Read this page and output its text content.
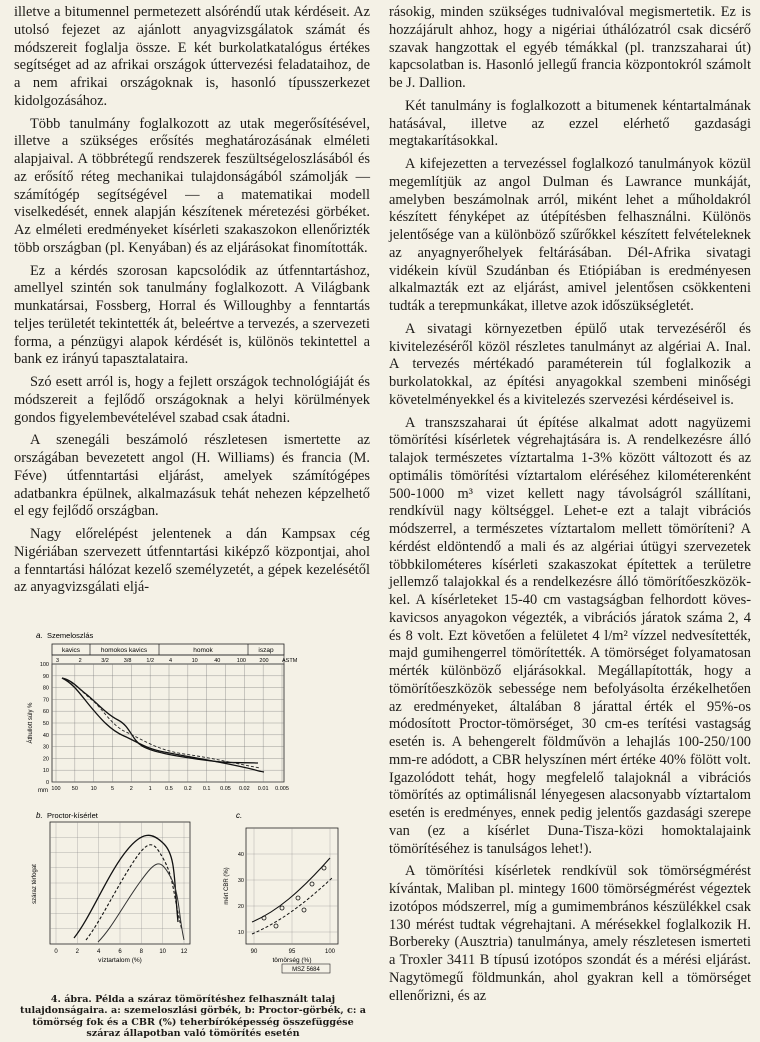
illetve a bitumennel permetezett alsóréndű utak kérdéseit. Az utolsó fejezet az ajánlott anyagvizsgálatok számát és módszereit foglalja össze. E két burkolatkatalógus értékes segítséget ad az afrikai országok úttervezési feladataihoz, de a nem afrikai országoknak is, hasonló típusszerkezet kidolgozásához.

Több tanulmány foglalkozott az utak megerősítésével, illetve a szükséges erősítés meghatározásának elméleti alapjaival. A többrétegű rendszerek feszültségeloszlásából és az erősítő réteg mechanikai tulajdonságából számolják — számítógép segítségével — a matematikai modell viselkedését, ennek alapján készítenek méretezési görbéket. Az elméleti eredményeket kísérleti szakaszokon ellenőrizték több országban (pl. Kenyában) és az eljárásokat finomították.

Ez a kérdés szorosan kapcsolódik az útfenntartáshoz, amellyel szintén sok tanulmány foglalkozott. A Világbank munkatársai, Fossberg, Horral és Willoughby a fenntartás teljes területét tekintették át, beleértve a tervezés, a szervezeti forma, a pénzügyi alapok kérdését is, különös tekintettel a bank ez irányú tapasztalataira.

Szó esett arról is, hogy a fejlett országok technológiáját és módszereit a fejlődő országoknak a helyi körülmények gondos figyelembevételével szabad csak átadni.

A szenegáli beszámoló részletesen ismertette az országában bevezetett angol (H. Williams) és francia (M. Féve) útfenntartási eljárást, amelyek számítógépes adatbankra épülnek, alkalmazásuk tehát nehezen képzelhető el egy fejlődő országban.

Nagy előrelépést jelentenek a dán Kampsax cég Nigériában szervezett útfenntartási kiképző központjai, ahol a fenntartási hálózat kezelő személyzetét, a gépek kezelésétől az anyagvizsgálati eljá-

rásokig, minden szükséges tudnivalóval megismertetik. Ez is hozzájárult ahhoz, hogy a nigériai úthálózatról csak dicsérő szavak hangzottak el egyéb témákkal (pl. tranzszaharai út) kapcsolatban is. Hasonló jellegű francia központokról számolt be J. Dallion.

Két tanulmány is foglalkozott a bitumenek kéntartalmának hatásával, illetve az ezzel elérhető gazdasági megtakarításokkal.

A kifejezetten a tervezéssel foglalkozó tanulmányok közül megemlítjük az angol Dulman és Lawrance munkáját, amelyben beszámolnak arról, miként lehet a műholdakról készített fényképet az útépítésben felhasználni. Különös jelentősége van a különböző szűrőkkel készített felvételeknek az anyagnyerőhelyek feltárásában. Dél-Afrika sivatagi vidékein kívül Szudánban és Etiópiában is eredményesen alkalmazták ezt az eljárást, amivel jelentősen csökkenteni tudták a terepmunkákat, illetve azok időszükségletét.

A sivatagi környezetben épülő utak tervezéséről és kivitelezéséről közöl részletes tanulmányt az algériai A. Inal. A tervezés mértékadó paraméterein túl foglalkozik a burkolatokkal, az építési anyagokkal szembeni minőségi követelményekkel és a kivitelezés szervezési kérdéseivel is.

A transzszaharai út építése alkalmat adott nagyüzemi tömörítési kísérletek végrehajtására is. A rendelkezésre álló talajok természetes víztartalma 1-3% között változott és az optimális tömörítési víztartalom eléréséhez kilométerenként 500-1000 m³ vizet kellett nagy távolságról szállítani, rendkívül nagy költséggel. Lehet-e ezt a talajt vibrációs módszerrel, a természetes víztartalom mellett tömöríteni? A kérdést eldöntendő a mali és az algériai útügyi szervezetek többkilométeres kísérleti szakaszokat építettek a területre jellemző talajokkal és a rendelkezésre álló tömörítőeszközökkel. A kísérleteket 15-40 cm vastagságban felhordott köves-kavicsos anyagokon végezték, a vibrációs járatok száma 2, 4 és 8 volt. Ezt követően a felületet 4 l/m² vízzel nedvesítették, majd gumihengerrel tömörítették. A tömörséget folyamatosan mérték különböző eljárásokkal. Megállapították, hogy a tömörítőeszközök sebessége nem befolyásolta érzékelhetően az eredményeket, általában 8 járattal érték el 95%-os módosított Proctor-tömörséget, 30 cm-es terítési vastagság esetén is. A behengerelt földművön a lehajlás 100-250/100 mm-re adódott, a CBR helyszínen mért értéke 40% fölött volt. Igazolódott tehát, hogy megfelelő talajoknál a vibrációs tömörítés az optimálisnál lényegesen alacsonyabb víztartalom esetén is eredményes, ennek pedig jelentős gazdasági szerepe van (ez a kísérlet Duna-Tisza-közi homoktalajaink tömörítéséhez is tanulságos lehet!).

A tömörítési kísérletek rendkívül sok tömörségmérést kívántak, Maliban pl. mintegy 1600 tömörségmérést végeztek izotópos módszerrel, míg a gumimembrános készülékkel csak 130 mérést tudtak végrehajtani. A mérésekkel foglalkozik H. Borbereky (Ausztria) tanulmánya, amely részletesen ismerteti a Troxler 3411 B típusú izotópos szondát és a mérési eljárást. Nagytömegű földmunkán, ahol gyakran kell a tömörséget ellenőrizni, és az

a. Szemeloszlás
kavics	homokos kavics	homok	iszap
3	2	3/2	3/8	1/2	4	10	40	100 200 ASTM
100
90
80
70
60
50
40
30
20
10
0
100 50 10	5	2	1 0.5 0.2 0.1 0.05 0.02 0.01 0.005
Áthullott súly %
mm
b. Proctor-kísérlet
0	2	4	6	8	10 12
száraz térfogat
víztartalom (%)
c.
90	95	100
10
20
30
40
mért CBR (%)
tömörség (%)
MSZ 5684
4. ábra. Példa a száraz tömörítéshez felhasznált talaj tulajdonságaira. a: szemeloszlási görbék, b: Proctor-görbék, c: a tömörség fok és a CBR (%) teherbíróképesség összefüggése száraz állapotban való tömörítés esetén
